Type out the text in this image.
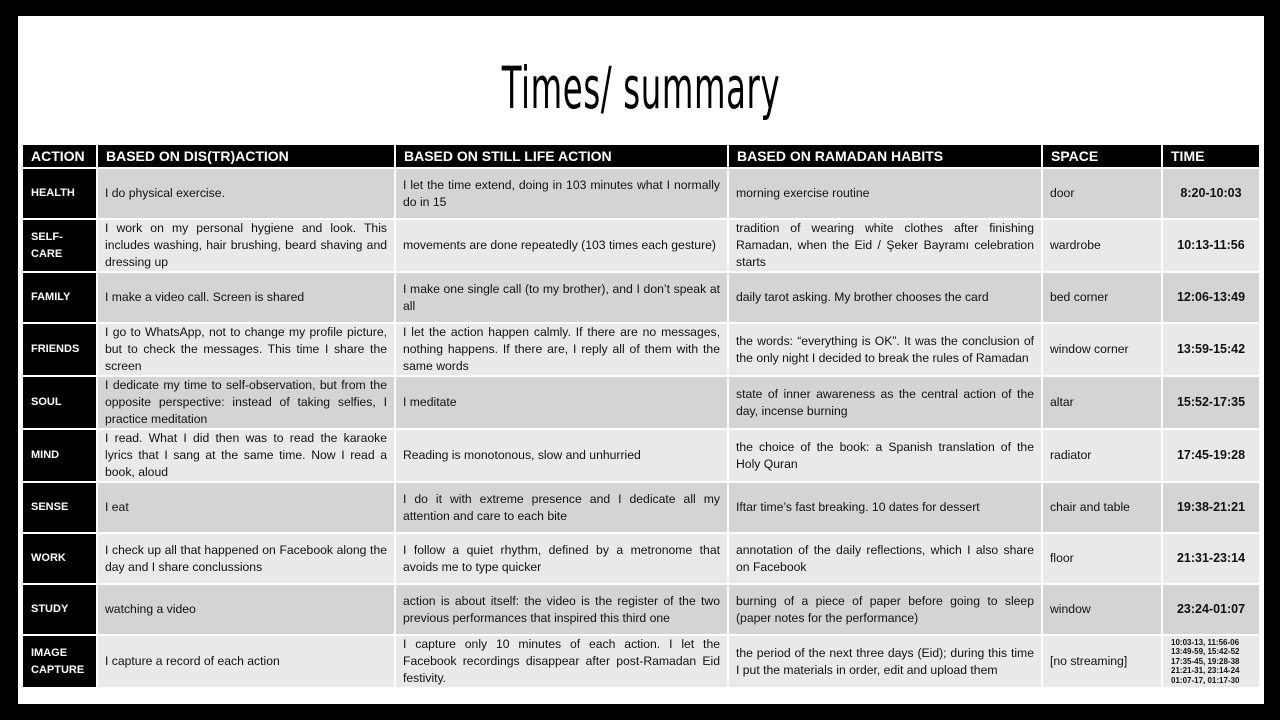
Times/ summary
ACTION	BASED ON DIS(TR)ACTION	BASED ON STILL LIFE ACTION	BASED ON RAMADAN HABITS	SPACE	TIME
HEALTH	I do physical exercise.	I let the time extend, doing in 103 minutes what I normally do in 15	morning exercise routine	door	8:20-10:03
SELF-CARE	I work on my personal hygiene and look. This includes washing, hair brushing, beard shaving and dressing up	movements are done repeatedly (103 times each gesture)	tradition of wearing white clothes after finishing Ramadan, when the Eid / Şeker Bayramı celebration starts	wardrobe	10:13-11:56
FAMILY	I make a video call. Screen is shared	I make one single call (to my brother), and I don’t speak at all	daily tarot asking. My brother chooses the card	bed corner	12:06-13:49
FRIENDS	I go to WhatsApp, not to change my profile picture, but to check the messages. This time I share the screen	I let the action happen calmly. If there are no messages, nothing happens. If there are, I reply all of them with the same words	the words: “everything is OK”. It was the conclusion of the only night I decided to break the rules of Ramadan	window corner	13:59-15:42
SOUL	I dedicate my time to self-observation, but from the opposite perspective: instead of taking selfies, I practice meditation	I meditate	state of inner awareness as the central action of the day, incense burning	altar	15:52-17:35
MIND	I read. What I did then was to read the karaoke lyrics that I sang at the same time. Now I read a book, aloud	Reading is monotonous, slow and unhurried	the choice of the book: a Spanish translation of the Holy Quran	radiator	17:45-19:28
SENSE	I eat	I do it with extreme presence and I dedicate all my attention and care to each bite	Iftar time’s fast breaking. 10 dates for dessert	chair and table	19:38-21:21
WORK	I check up all that happened on Facebook along the day and I share conclussions	I follow a quiet rhythm, defined by a metronome that avoids me to type quicker	annotation of the daily reflections, which I also share on Facebook	floor	21:31-23:14
STUDY	watching a video	action is about itself: the video is the register of the two previous performances that inspired this third one	burning of a piece of paper before going to sleep (paper notes for the performance)	window	23:24-01:07
IMAGE CAPTURE	I capture a record of each action	I capture only 10 minutes of each action. I let the Facebook recordings disappear after post-Ramadan Eid festivity.	the period of the next three days (Eid); during this time I put the materials in order, edit and upload them	[no streaming]	10:03-13, 11:56-06
13:49-59, 15:42-52
17:35-45, 19:28-38
21:21-31, 23:14-24
01:07-17, 01:17-30
